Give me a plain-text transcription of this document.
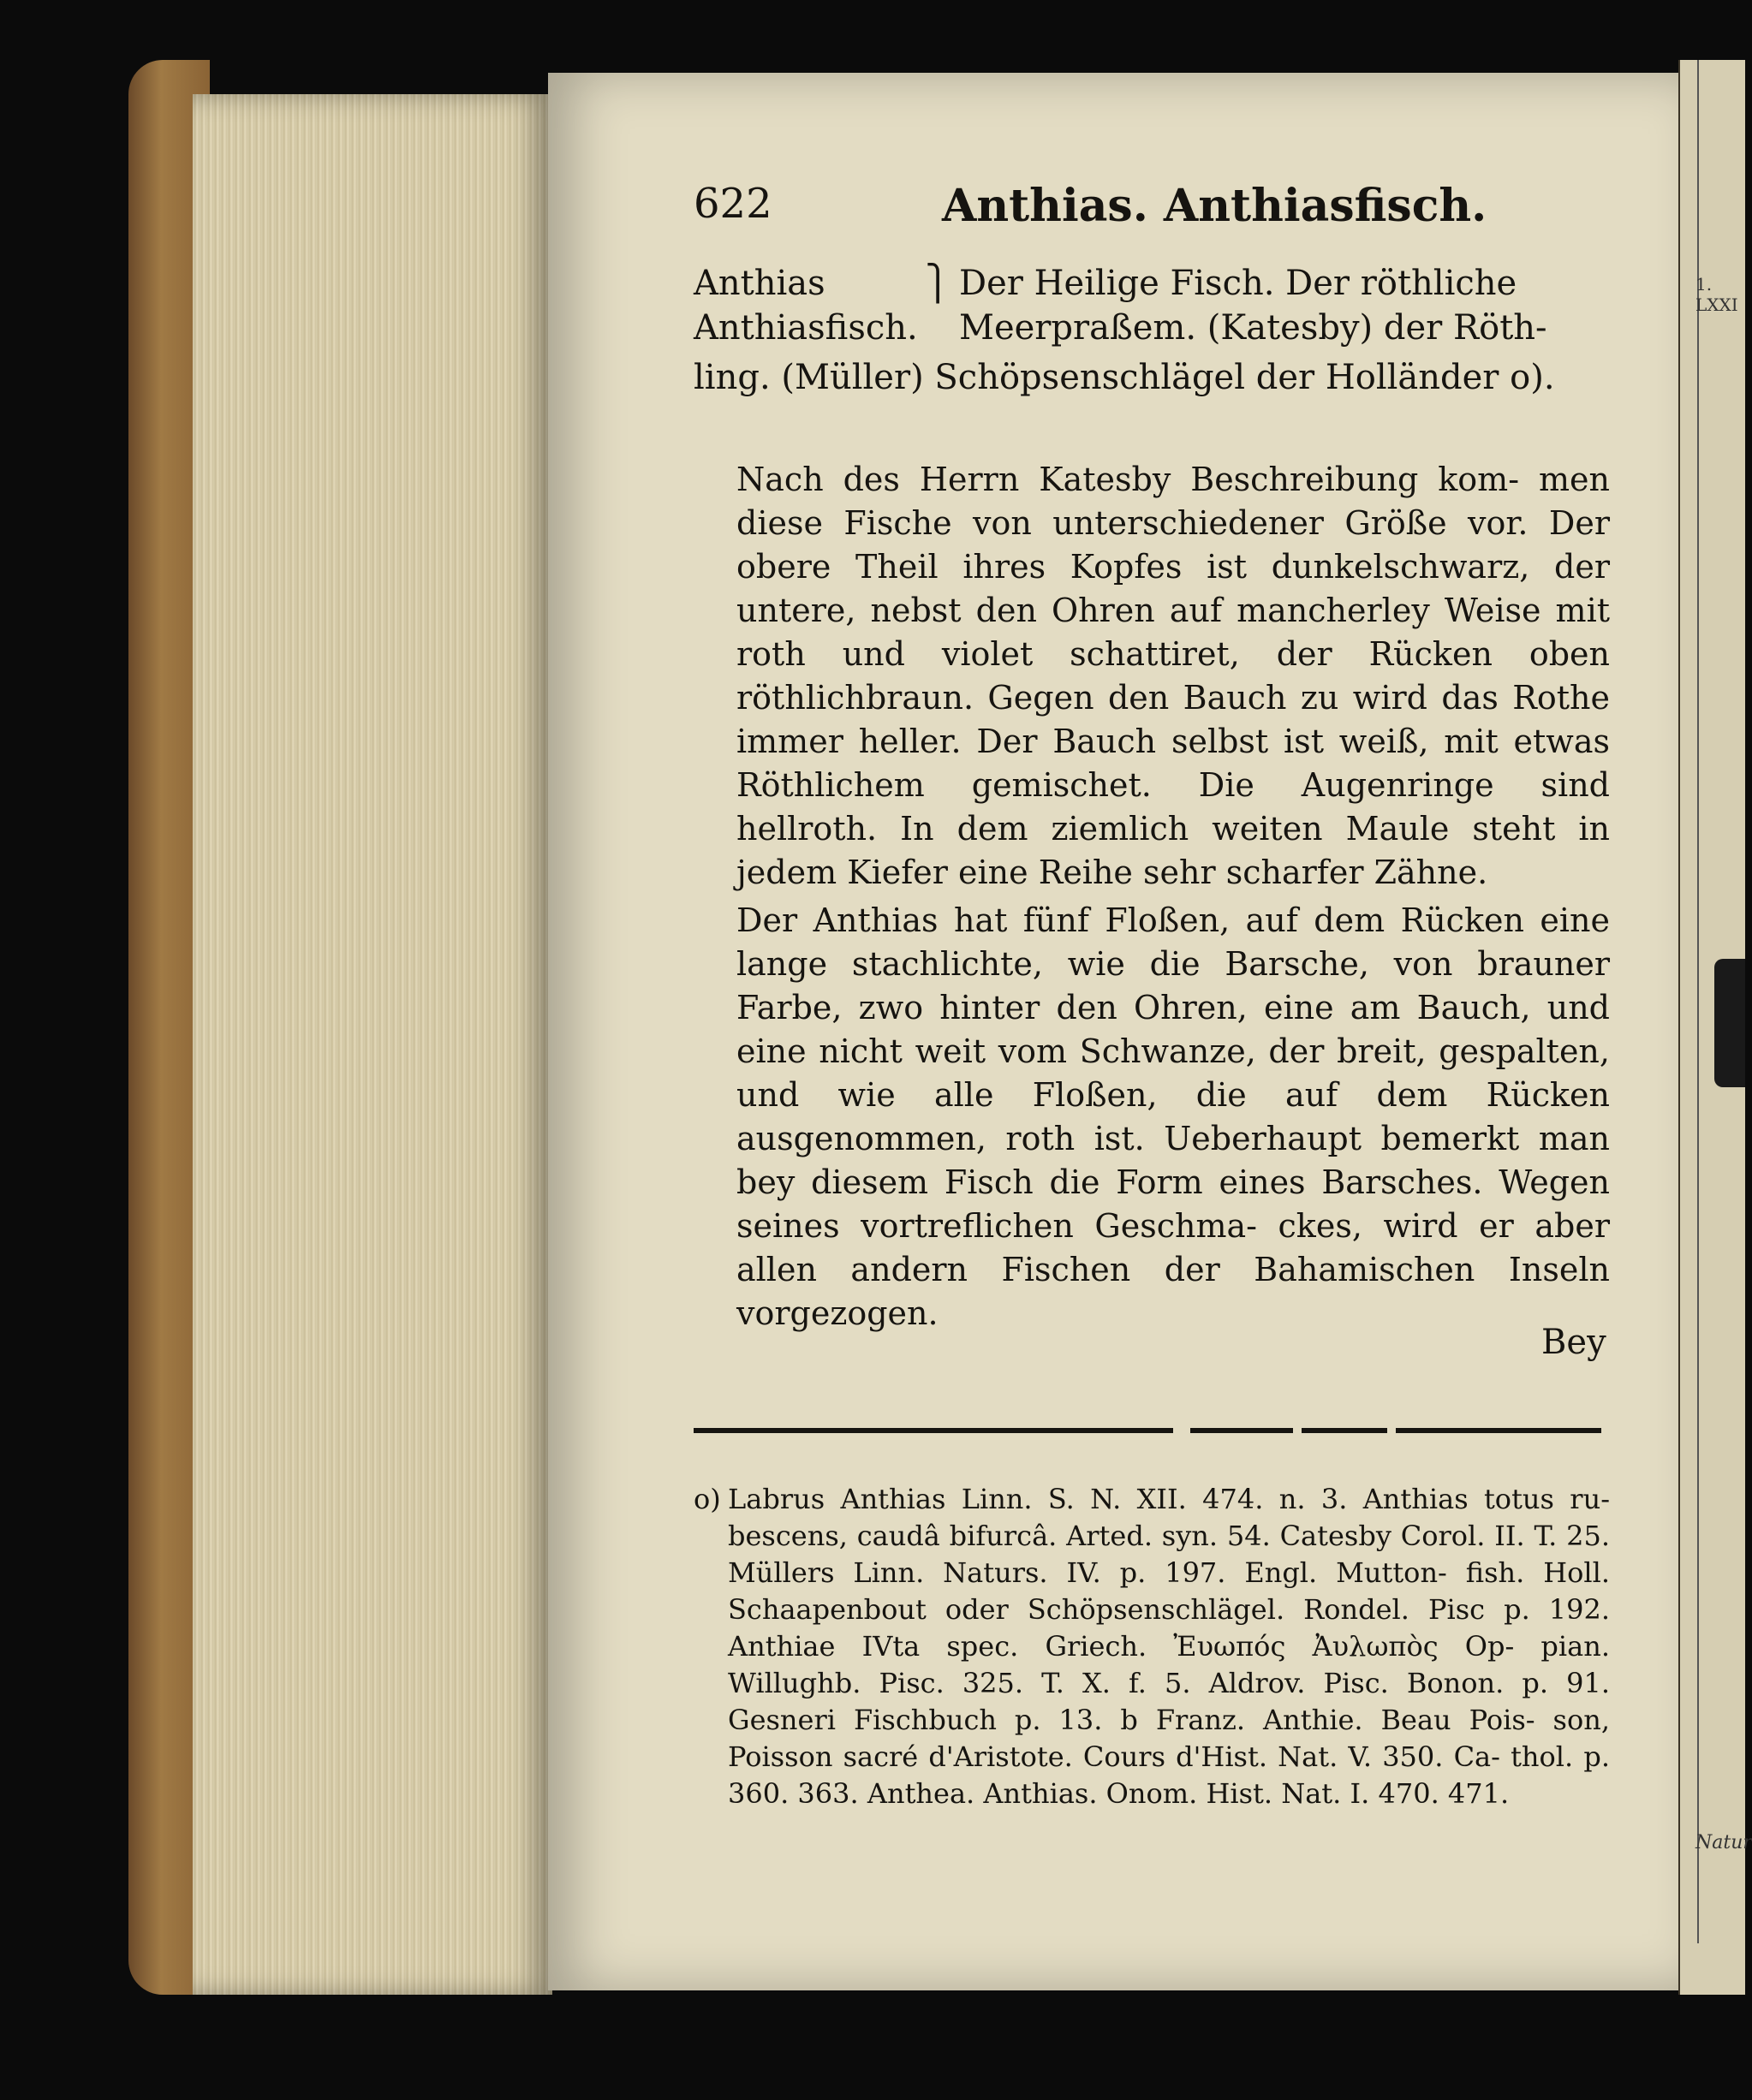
1. LXXI
Natur
622	Anthias. Anthiasfisch.
Anthias
Anthiasfisch.
⎫ Der Heilige Fisch. Der röthliche
Meerpraßem. (Katesby) der Röth-
ling. (Müller) Schöpsenschlägel der Holländer o).
Nach des Herrn Katesby Beschreibung kom- men diese Fische von unterschiedener Größe vor. Der obere Theil ihres Kopfes ist dunkelschwarz, der untere, nebst den Ohren auf mancherley Weise mit roth und violet schattiret, der Rücken oben röthlichbraun. Gegen den Bauch zu wird das Rothe immer heller. Der Bauch selbst ist weiß, mit etwas Röthlichem gemischet. Die Augenringe sind hellroth. In dem ziemlich weiten Maule steht in jedem Kiefer eine Reihe sehr scharfer Zähne.
Der Anthias hat fünf Floßen, auf dem Rücken eine lange stachlichte, wie die Barsche, von brauner Farbe, zwo hinter den Ohren, eine am Bauch, und eine nicht weit vom Schwanze, der breit, gespalten, und wie alle Floßen, die auf dem Rücken ausgenommen, roth ist. Ueberhaupt bemerkt man bey diesem Fisch die Form eines Barsches. Wegen seines vortreflichen Geschma- ckes, wird er aber allen andern Fischen der Bahamischen Inseln vorgezogen.
Bey
o) Labrus Anthias Linn. S. N. XII. 474. n. 3. Anthias totus ru- bescens, caudâ bifurcâ. Arted. syn. 54. Catesby Corol. II. T. 25. Müllers Linn. Naturs. IV. p. 197. Engl. Mutton- fish. Holl. Schaapenbout oder Schöpsenschlägel. Rondel. Pisc p. 192. Anthiae IVta spec. Griech. Ἐυωπός Ἀυλωπὸς Op- pian. Willughb. Pisc. 325. T. X. f. 5. Aldrov. Pisc. Bonon. p. 91. Gesneri Fischbuch p. 13. b Franz. Anthie. Beau Pois- son, Poisson sacré d'Aristote. Cours d'Hist. Nat. V. 350. Ca- thol. p. 360. 363. Anthea. Anthias. Onom. Hist. Nat. I. 470. 471.
